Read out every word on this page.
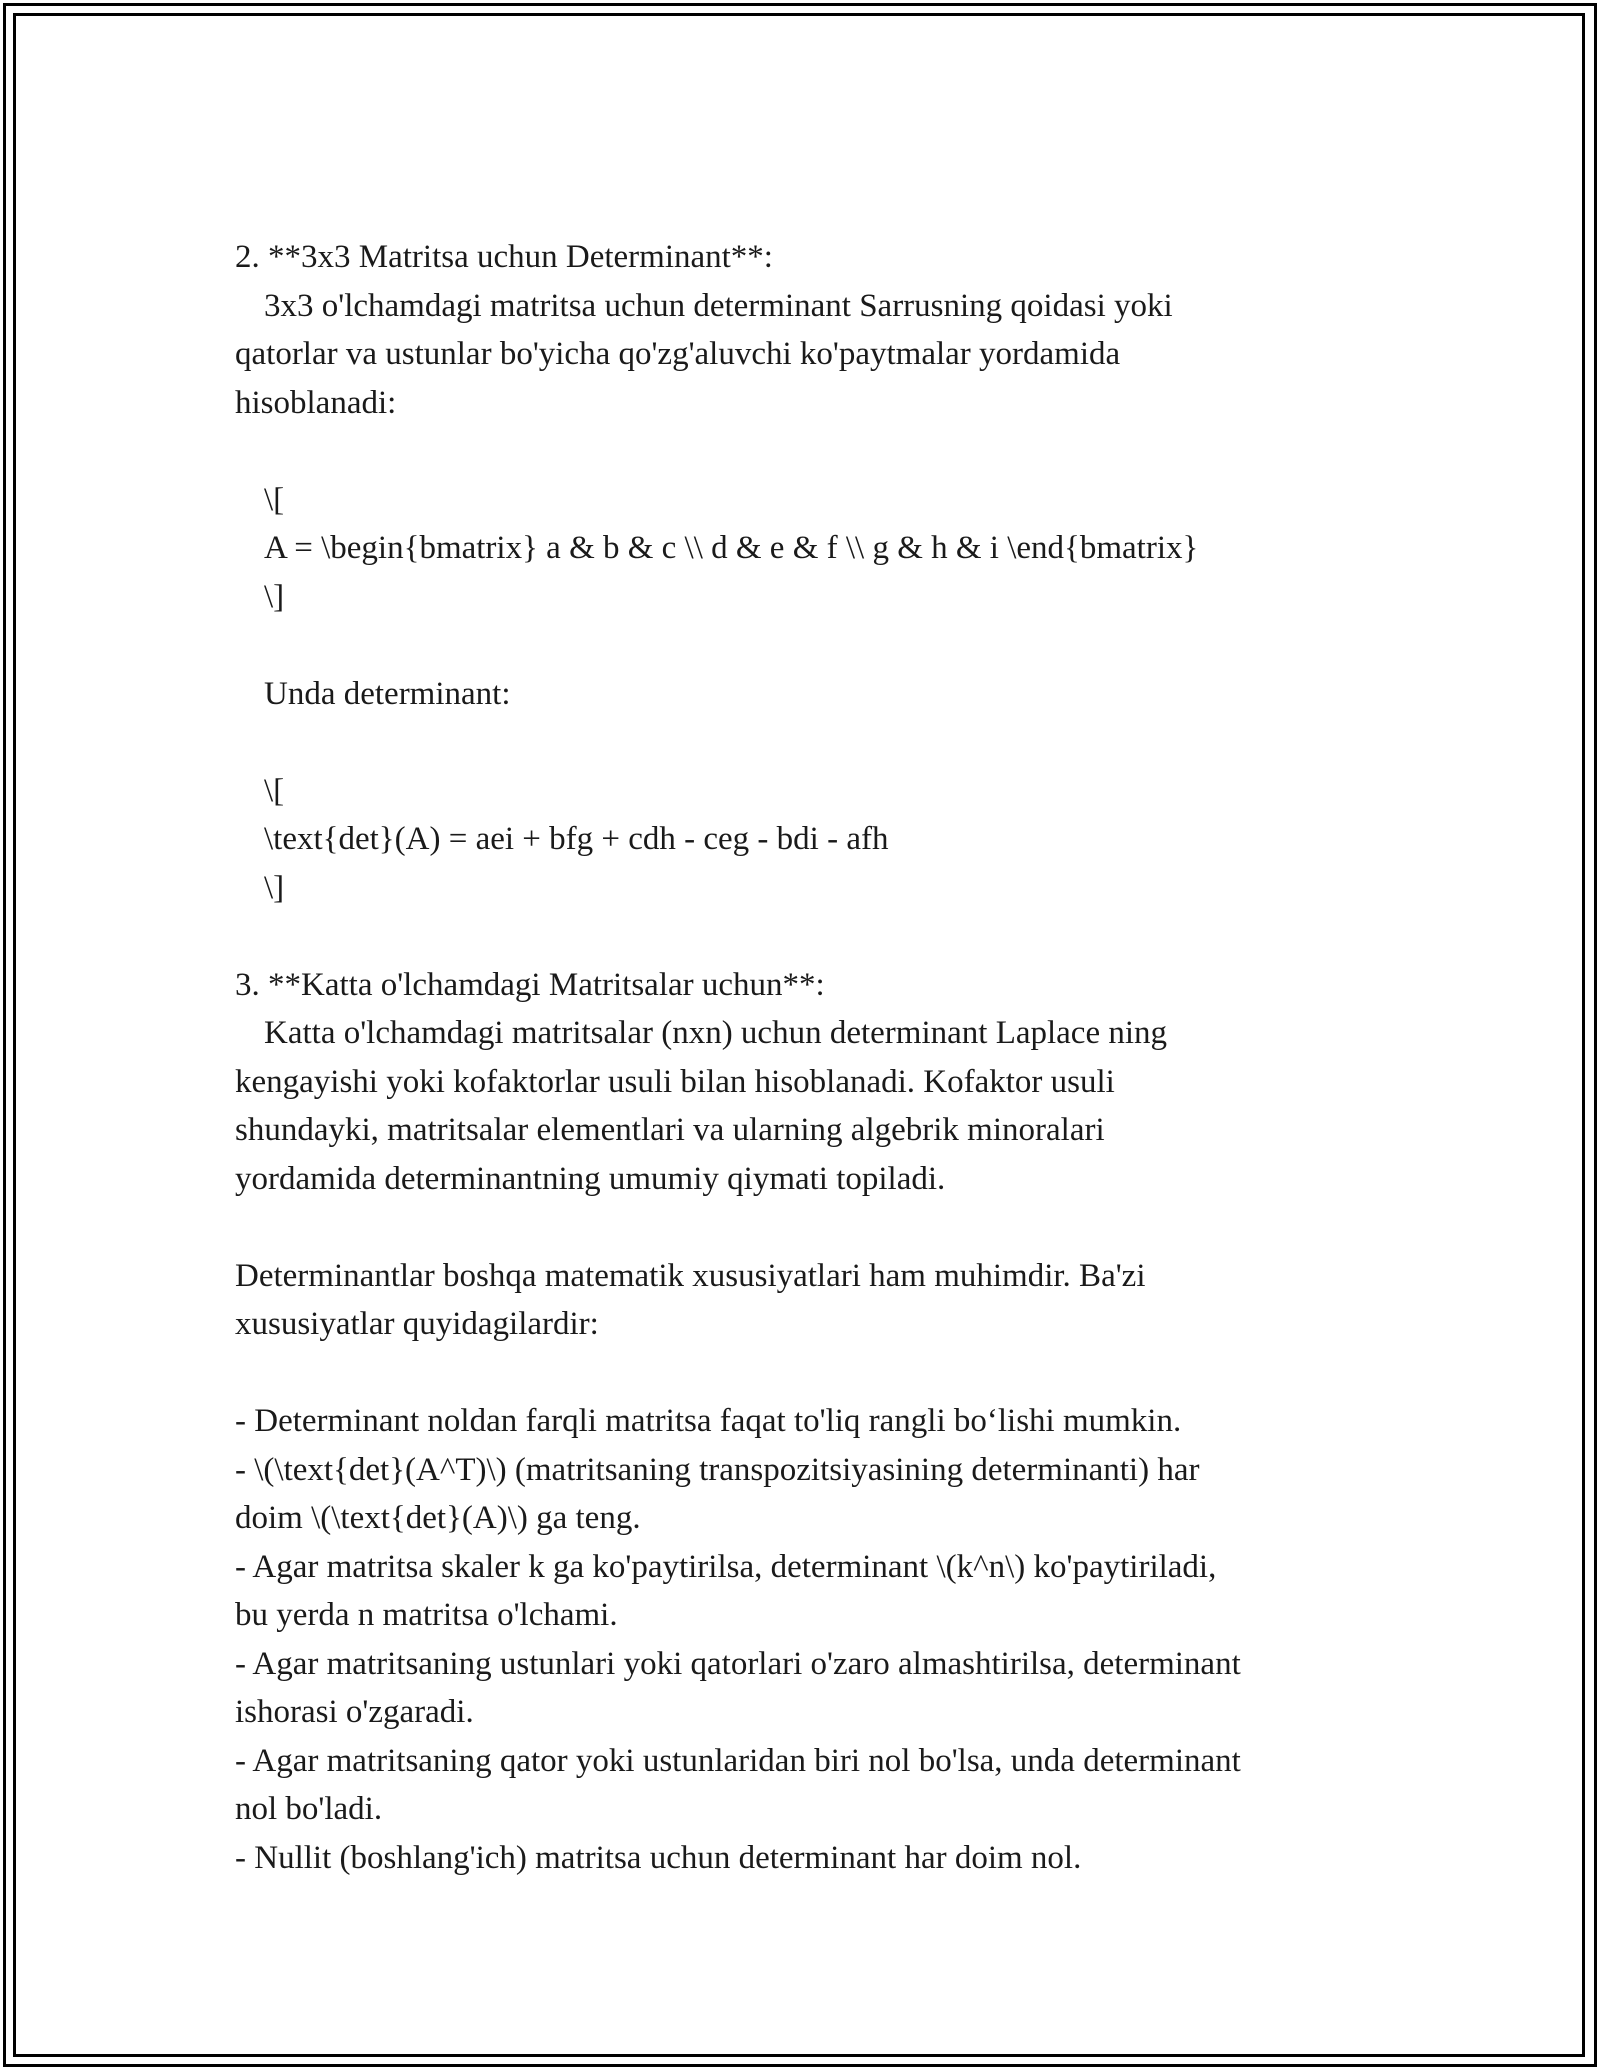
2. **3x3 Matritsa uchun Determinant**:
3x3 o'lchamdagi matritsa uchun determinant Sarrusning qoidasi yoki
qatorlar va ustunlar bo'yicha qo'zg'aluvchi ko'paytmalar yordamida
hisoblanadi:
\[
A = \begin{bmatrix} a & b & c \\ d & e & f \\ g & h & i \end{bmatrix}
\]
Unda determinant:
\[
\text{det}(A) = aei + bfg + cdh - ceg - bdi - afh
\]
3. **Katta o'lchamdagi Matritsalar uchun**:
Katta o'lchamdagi matritsalar (nxn) uchun determinant Laplace ning
kengayishi yoki kofaktorlar usuli bilan hisoblanadi. Kofaktor usuli
shundayki, matritsalar elementlari va ularning algebrik minoralari
yordamida determinantning umumiy qiymati topiladi.
Determinantlar boshqa matematik xususiyatlari ham muhimdir. Ba'zi
xususiyatlar quyidagilardir:
- Determinant noldan farqli matritsa faqat to'liq rangli bo‘lishi mumkin.
- \(\text{det}(A^T)\) (matritsaning transpozitsiyasining determinanti) har
doim \(\text{det}(A)\) ga teng.
- Agar matritsa skaler k ga ko'paytirilsa, determinant \(k^n\) ko'paytiriladi,
bu yerda n matritsa o'lchami.
- Agar matritsaning ustunlari yoki qatorlari o'zaro almashtirilsa, determinant
ishorasi o'zgaradi.
- Agar matritsaning qator yoki ustunlaridan biri nol bo'lsa, unda determinant
nol bo'ladi.
- Nullit (boshlang'ich) matritsa uchun determinant har doim nol.
